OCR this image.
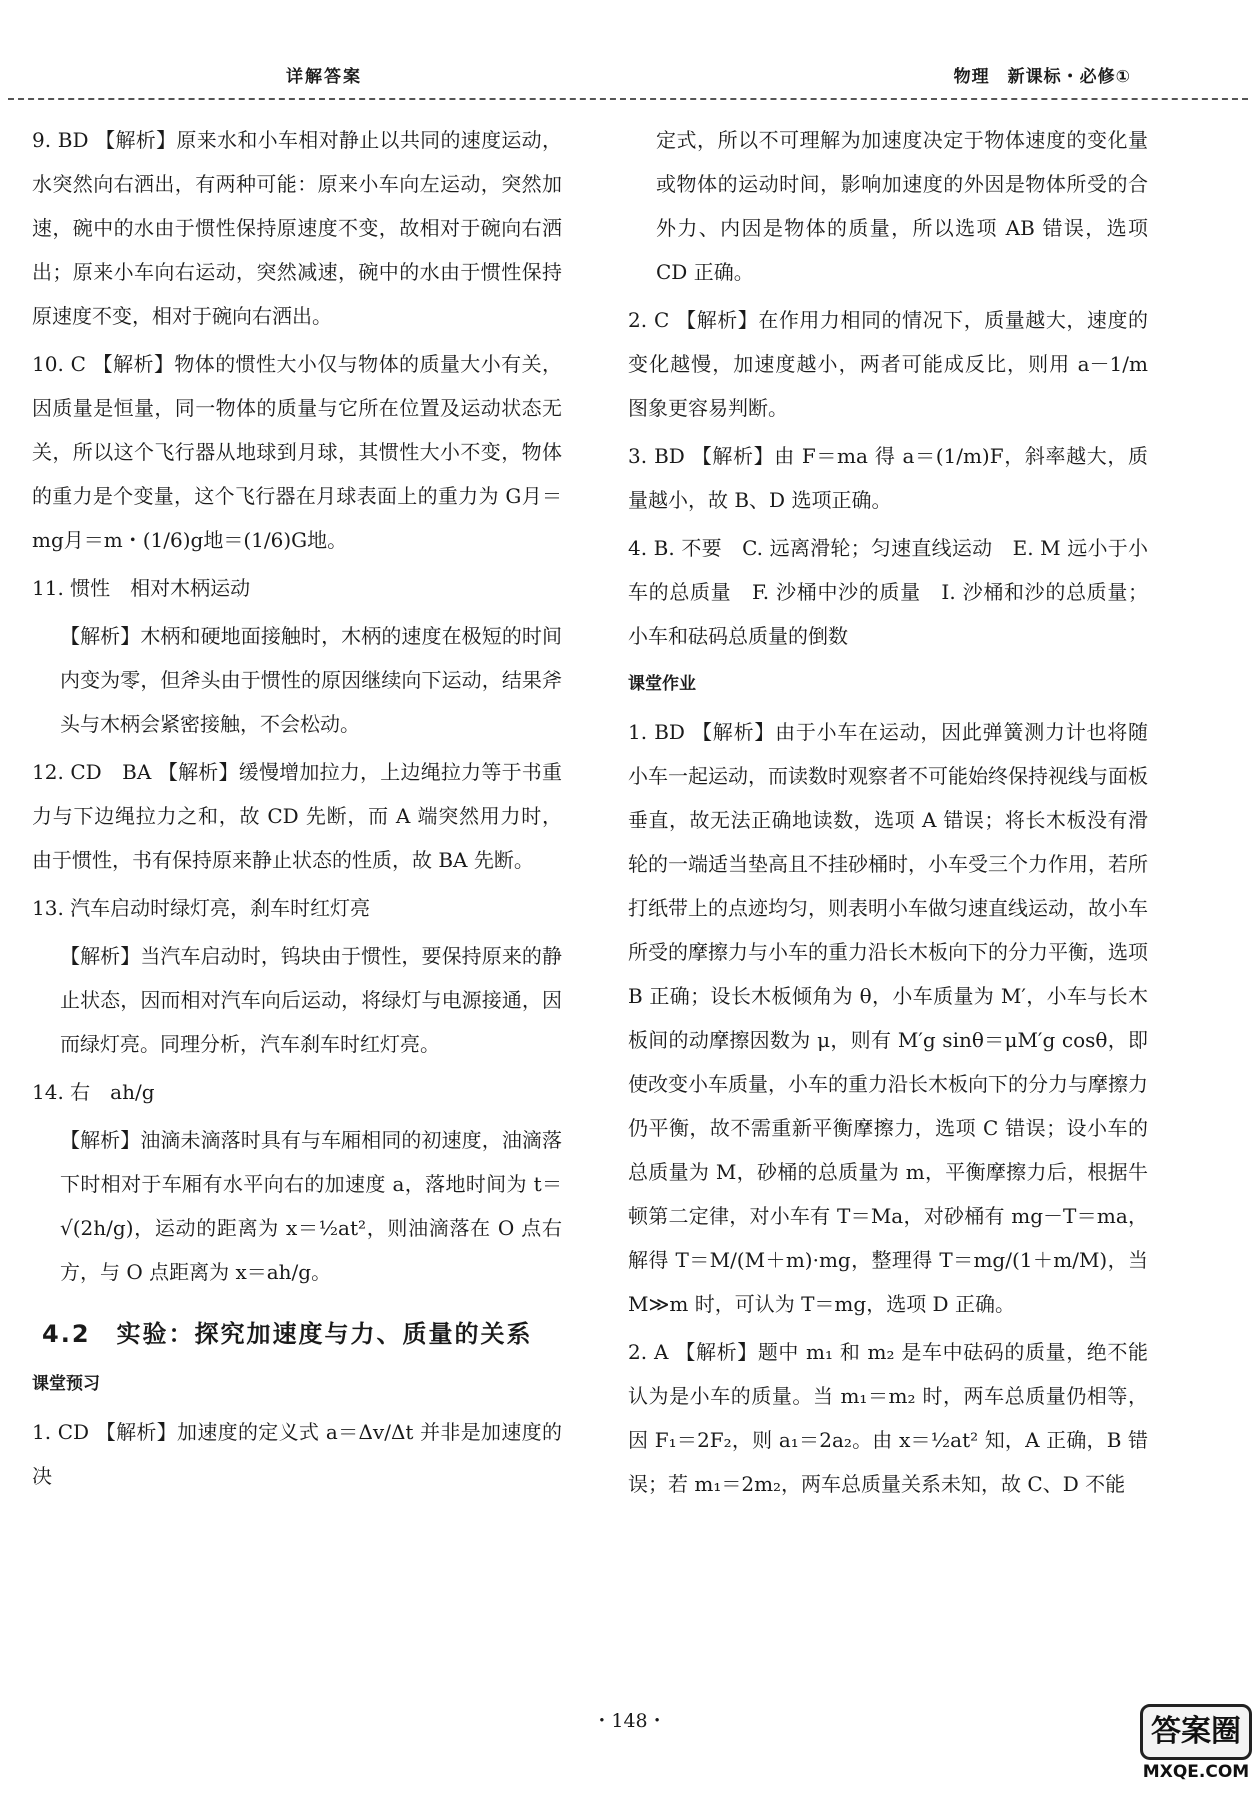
详解答案	物理　新课标・必修①

9. BD 【解析】原来水和小车相对静止以共同的速度运动，水突然向右洒出，有两种可能：原来小车向左运动，突然加速，碗中的水由于惯性保持原速度不变，故相对于碗向右洒出；原来小车向右运动，突然减速，碗中的水由于惯性保持原速度不变，相对于碗向右洒出。

10. C 【解析】物体的惯性大小仅与物体的质量大小有关，因质量是恒量，同一物体的质量与它所在位置及运动状态无关，所以这个飞行器从地球到月球，其惯性大小不变，物体的重力是个变量，这个飞行器在月球表面上的重力为 G月＝mg月＝m・(1/6)g地＝(1/6)G地。

11. 惯性　相对木柄运动

【解析】木柄和硬地面接触时，木柄的速度在极短的时间内变为零，但斧头由于惯性的原因继续向下运动，结果斧头与木柄会紧密接触，不会松动。

12. CD　BA 【解析】缓慢增加拉力，上边绳拉力等于书重力与下边绳拉力之和，故 CD 先断，而 A 端突然用力时，由于惯性，书有保持原来静止状态的性质，故 BA 先断。

13. 汽车启动时绿灯亮，刹车时红灯亮

【解析】当汽车启动时，钨块由于惯性，要保持原来的静止状态，因而相对汽车向后运动，将绿灯与电源接通，因而绿灯亮。同理分析，汽车刹车时红灯亮。

14. 右　ah/g

【解析】油滴未滴落时具有与车厢相同的初速度，油滴落下时相对于车厢有水平向右的加速度 a，落地时间为 t＝√(2h/g)，运动的距离为 x＝½at²，则油滴落在 O 点右方，与 O 点距离为 x＝ah/g。

4.2　实验：探究加速度与力、质量的关系
课堂预习

1. CD 【解析】加速度的定义式 a＝Δv/Δt 并非是加速度的决

定式，所以不可理解为加速度决定于物体速度的变化量或物体的运动时间，影响加速度的外因是物体所受的合外力、内因是物体的质量，所以选项 AB 错误，选项 CD 正确。

2. C 【解析】在作用力相同的情况下，质量越大，速度的变化越慢，加速度越小，两者可能成反比，则用 a－1/m 图象更容易判断。

3. BD 【解析】由 F＝ma 得 a＝(1/m)F，斜率越大，质量越小，故 B、D 选项正确。

4. B. 不要　C. 远离滑轮；匀速直线运动　E. M 远小于小车的总质量　F. 沙桶中沙的质量　I. 沙桶和沙的总质量；小车和砝码总质量的倒数

课堂作业

1. BD 【解析】由于小车在运动，因此弹簧测力计也将随小车一起运动，而读数时观察者不可能始终保持视线与面板垂直，故无法正确地读数，选项 A 错误；将长木板没有滑轮的一端适当垫高且不挂砂桶时，小车受三个力作用，若所打纸带上的点迹均匀，则表明小车做匀速直线运动，故小车所受的摩擦力与小车的重力沿长木板向下的分力平衡，选项 B 正确；设长木板倾角为 θ，小车质量为 M′，小车与长木板间的动摩擦因数为 μ，则有 M′g sinθ＝μM′g cosθ，即使改变小车质量，小车的重力沿长木板向下的分力与摩擦力仍平衡，故不需重新平衡摩擦力，选项 C 错误；设小车的总质量为 M，砂桶的总质量为 m，平衡摩擦力后，根据牛顿第二定律，对小车有 T＝Ma，对砂桶有 mg－T＝ma，解得 T＝M/(M＋m)·mg，整理得 T＝mg/(1＋m/M)，当 M≫m 时，可认为 T＝mg，选项 D 正确。

2. A 【解析】题中 m₁ 和 m₂ 是车中砝码的质量，绝不能认为是小车的质量。当 m₁＝m₂ 时，两车总质量仍相等，因 F₁＝2F₂，则 a₁＝2a₂。由 x＝½at² 知，A 正确，B 错误；若 m₁＝2m₂，两车总质量关系未知，故 C、D 不能

・148・	答案圈
MXQE.COM
